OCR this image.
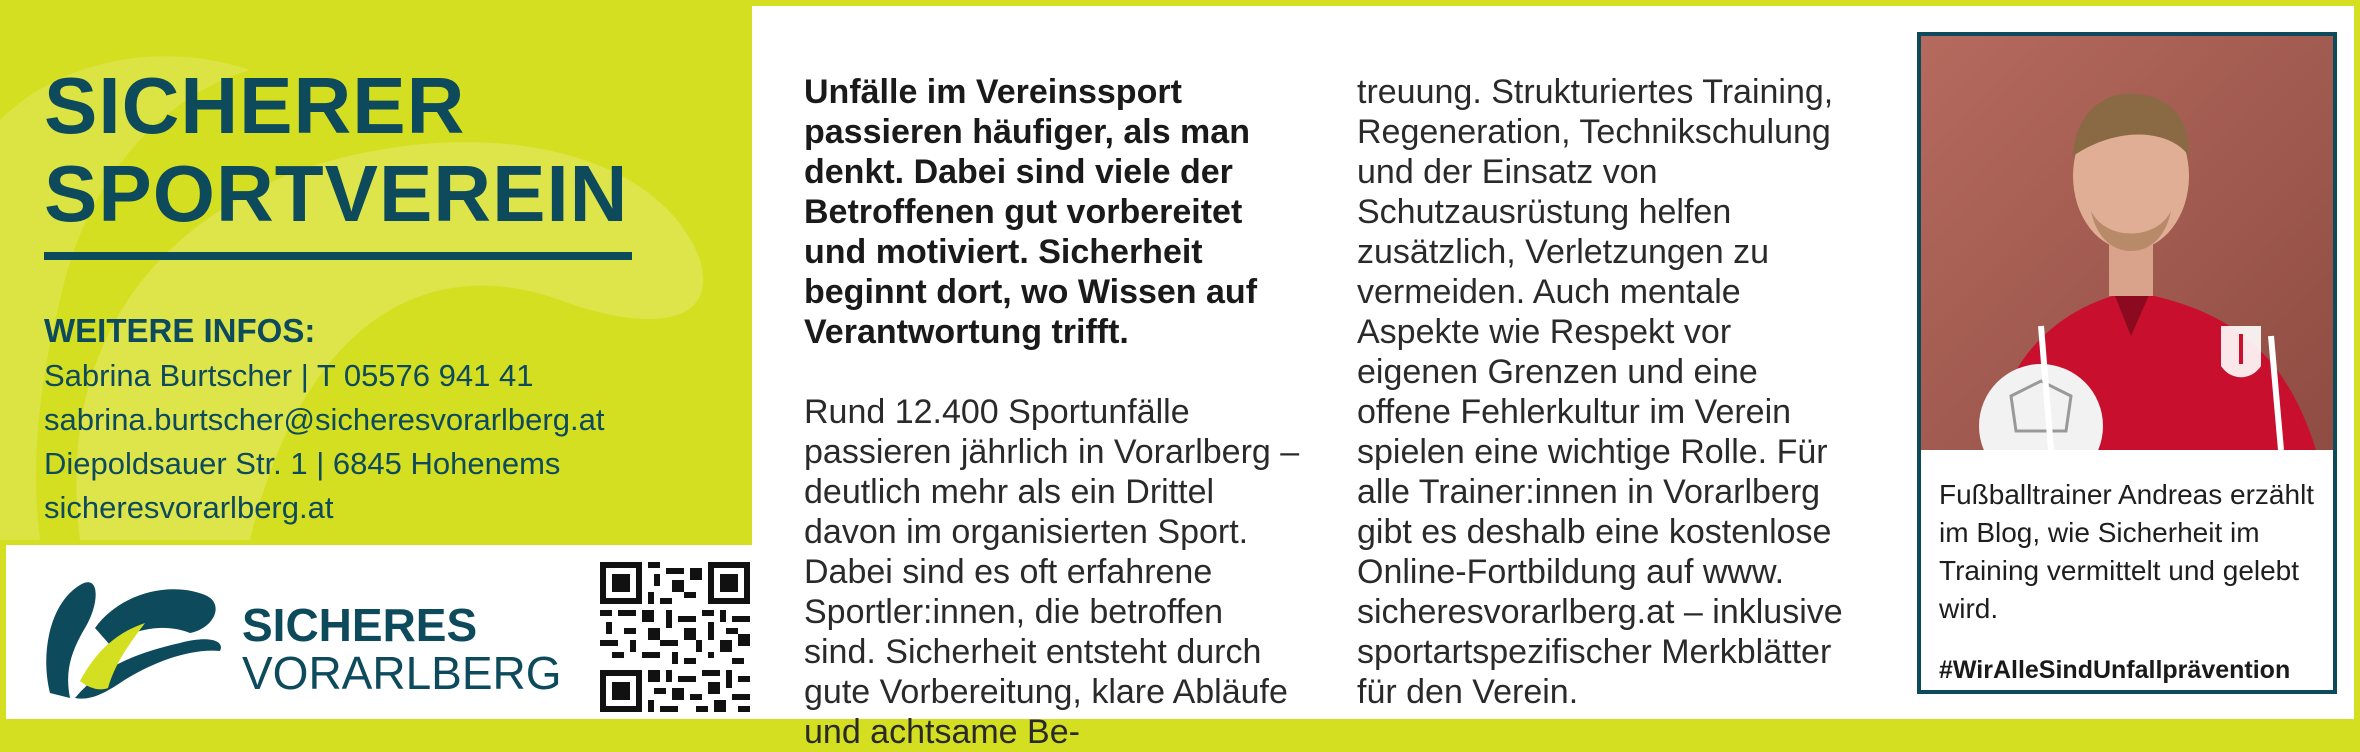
SICHERER
SPORTVEREIN
WEITERE INFOS:
Sabrina Burtscher | T 05576 941 41
sabrina.burtscher@sicheresvorarlberg.at
Diepoldsauer Str. 1 | 6845 Hohenems
sicheresvorarlberg.at
SICHERES
VORARLBERG

Unfälle im Vereinssport passieren häufiger, als man denkt. Dabei sind viele der Betroffenen gut vorbereitet und motiviert. Sicherheit beginnt dort, wo Wissen auf Verantwortung trifft.

Rund 12.400 Sportunfälle passieren jährlich in Vorarlberg – deutlich mehr als ein Drittel davon im organisierten Sport. Dabei sind es oft erfahrene Sportler:innen, die betroffen sind. Sicherheit entsteht durch gute Vorbereitung, klare Abläufe und achtsame Be-

treuung. Strukturiertes Training, Regeneration, Technikschulung und der Einsatz von Schutzausrüstung helfen zusätzlich, Verletzungen zu vermeiden. Auch mentale Aspekte wie Respekt vor eigenen Grenzen und eine offene Fehlerkultur im Verein spielen eine wichtige Rolle. Für alle Trainer:innen in Vorarlberg gibt es deshalb eine kostenlose Online-Fortbildung auf www. sicheresvorarlberg.at – inklusive sportartspezifischer Merkblätter für den Verein.

Fußballtrainer Andreas erzählt im Blog, wie Sicherheit im Training vermittelt und gelebt wird.

#WirAlleSindUnfallprävention
